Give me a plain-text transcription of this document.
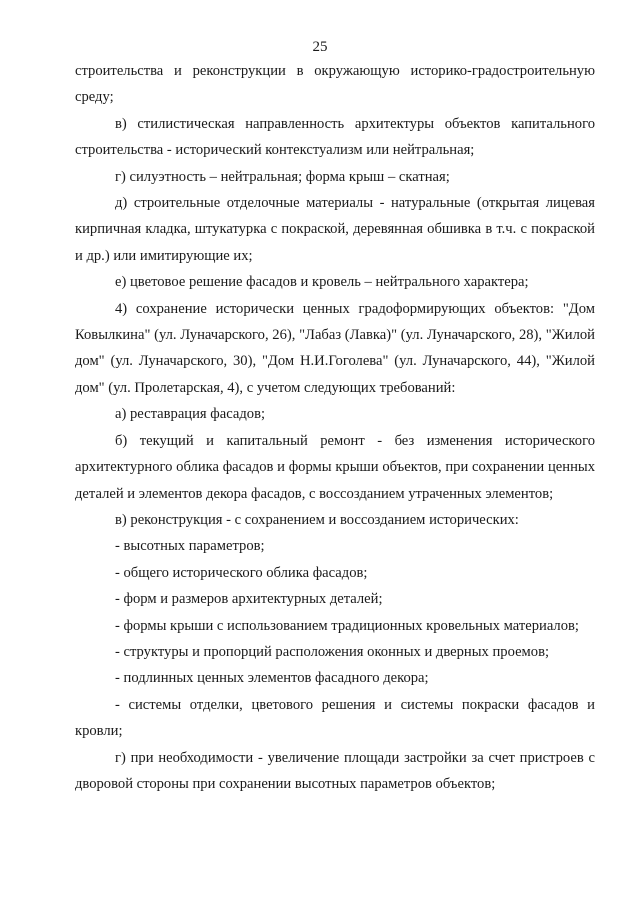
25

строительства и реконструкции в окружающую историко-градостроительную среду;

в) стилистическая направленность архитектуры объектов капитального строительства - исторический контекстуализм или нейтральная;

г) силуэтность – нейтральная; форма крыш – скатная;

д) строительные отделочные материалы - натуральные (открытая лицевая кирпичная кладка, штукатурка с покраской, деревянная обшивка в т.ч. с покраской и др.) или имитирующие их;

е) цветовое решение фасадов и кровель – нейтрального характера;

4) сохранение исторически ценных градоформирующих объектов: "Дом Ковылкина" (ул. Луначарского, 26), "Лабаз (Лавка)" (ул. Луначарского, 28), "Жилой дом" (ул. Луначарского, 30), "Дом Н.И.Гоголева" (ул. Луначарского, 44), "Жилой дом" (ул. Пролетарская, 4), с учетом следующих требований:

а) реставрация фасадов;

б) текущий и капитальный ремонт - без изменения исторического архитектурного облика фасадов и формы крыши объектов, при сохранении ценных деталей и элементов декора фасадов, с воссозданием утраченных элементов;

в) реконструкция - с сохранением и воссозданием исторических:

- высотных параметров;

- общего исторического облика фасадов;

- форм и размеров архитектурных деталей;

- формы крыши с использованием традиционных кровельных материалов;

- структуры и пропорций расположения оконных и дверных проемов;

- подлинных ценных элементов фасадного декора;

- системы отделки, цветового решения и системы покраски фасадов и кровли;

г) при необходимости - увеличение площади застройки за счет пристроев с дворовой стороны при сохранении высотных параметров объектов;
